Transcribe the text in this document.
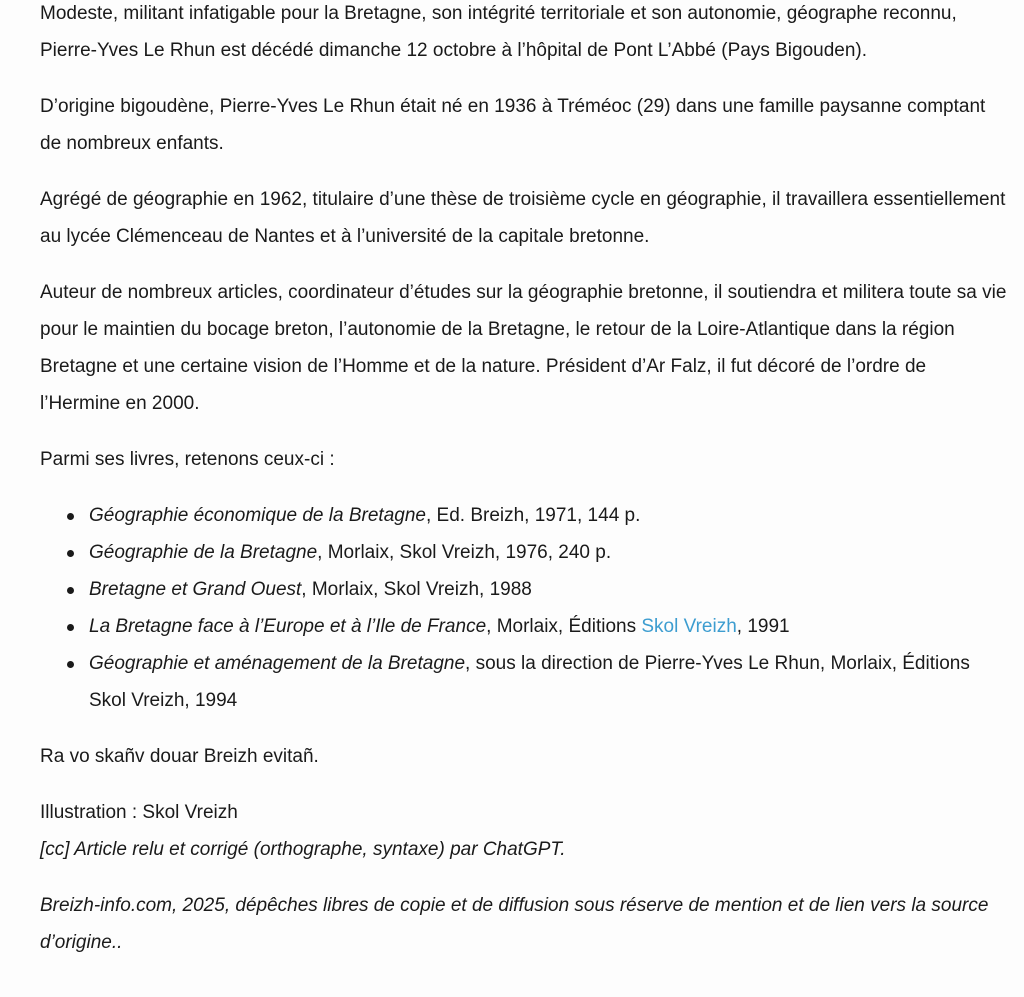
Modeste, militant infatigable pour la Bretagne, son intégrité territoriale et son autonomie, géographe reconnu, Pierre-Yves Le Rhun est décédé dimanche 12 octobre à l’hôpital de Pont L’Abbé (Pays Bigouden).

D’origine bigoudène, Pierre-Yves Le Rhun était né en 1936 à Tréméoc (29) dans une famille paysanne comptant de nombreux enfants.

Agrégé de géographie en 1962, titulaire d’une thèse de troisième cycle en géographie, il travaillera essentiellement au lycée Clémenceau de Nantes et à l’université de la capitale bretonne.

Auteur de nombreux articles, coordinateur d’études sur la géographie bretonne, il soutiendra et militera toute sa vie pour le maintien du bocage breton, l’autonomie de la Bretagne, le retour de la Loire-Atlantique dans la région Bretagne et une certaine vision de l’Homme et de la nature. Président d’Ar Falz, il fut décoré de l’ordre de l’Hermine en 2000.

Parmi ses livres, retenons ceux-ci :

Géographie économique de la Bretagne, Ed. Breizh, 1971, 144 p.
Géographie de la Bretagne, Morlaix, Skol Vreizh, 1976, 240 p.
Bretagne et Grand Ouest, Morlaix, Skol Vreizh, 1988
La Bretagne face à l’Europe et à l’Ile de France, Morlaix, Éditions Skol Vreizh, 1991
Géographie et aménagement de la Bretagne, sous la direction de Pierre-Yves Le Rhun, Morlaix, Éditions Skol Vreizh, 1994

Ra vo skañv douar Breizh evitañ.

Illustration : Skol Vreizh

[cc] Article relu et corrigé (orthographe, syntaxe) par ChatGPT.

Breizh-info.com, 2025, dépêches libres de copie et de diffusion sous réserve de mention et de lien vers la source d’origine..
